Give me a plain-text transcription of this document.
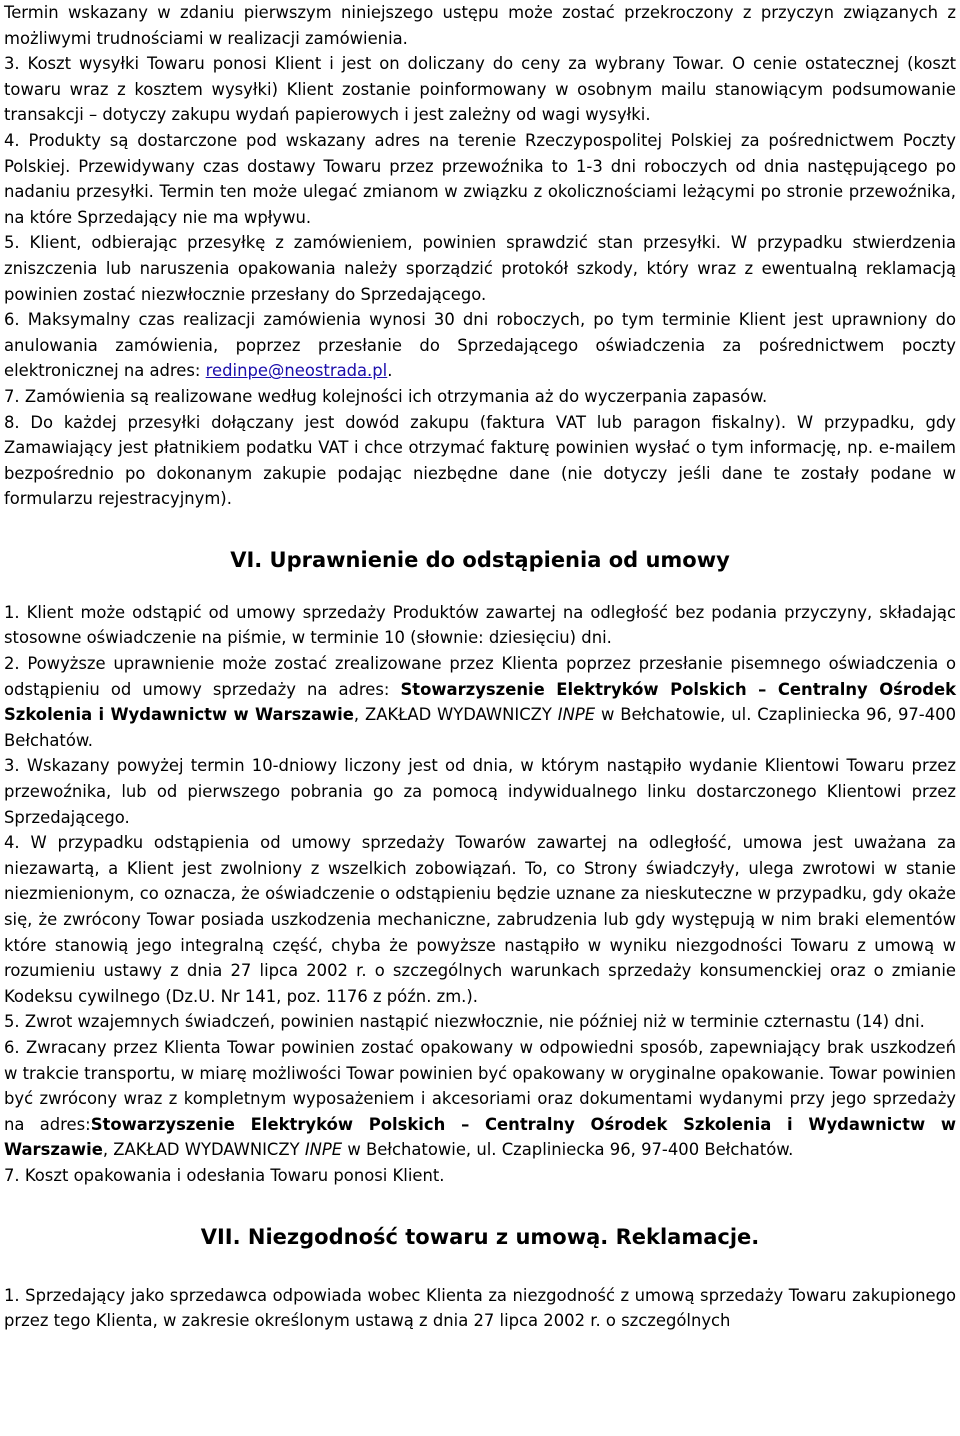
Termin wskazany w zdaniu pierwszym niniejszego ustępu może zostać przekroczony z przyczyn związanych z możliwymi trudnościami w realizacji zamówienia.

3. Koszt wysyłki Towaru ponosi Klient i jest on doliczany do ceny za wybrany Towar. O cenie ostatecznej (koszt towaru wraz z kosztem wysyłki) Klient zostanie poinformowany w osobnym mailu stanowiącym podsumowanie transakcji – dotyczy zakupu wydań papierowych i jest zależny od wagi wysyłki.

4. Produkty są dostarczone pod wskazany adres na terenie Rzeczypospolitej Polskiej za pośrednictwem Poczty Polskiej. Przewidywany czas dostawy Towaru przez przewoźnika to 1-3 dni roboczych od dnia następującego po nadaniu przesyłki. Termin ten może ulegać zmianom w związku z okolicznościami leżącymi po stronie przewoźnika, na które Sprzedający nie ma wpływu.

5. Klient, odbierając przesyłkę z zamówieniem, powinien sprawdzić stan przesyłki. W przypadku stwierdzenia zniszczenia lub naruszenia opakowania należy sporządzić protokół szkody, który wraz z ewentualną reklamacją powinien zostać niezwłocznie przesłany do Sprzedającego.

6. Maksymalny czas realizacji zamówienia wynosi 30 dni roboczych, po tym terminie Klient jest uprawniony do anulowania zamówienia, poprzez przesłanie do Sprzedającego oświadczenia za pośrednictwem poczty elektronicznej na adres: redinpe@neostrada.pl.

7. Zamówienia są realizowane według kolejności ich otrzymania aż do wyczerpania zapasów.

8. Do każdej przesyłki dołączany jest dowód zakupu (faktura VAT lub paragon fiskalny). W przypadku, gdy Zamawiający jest płatnikiem podatku VAT i chce otrzymać fakturę powinien wysłać o tym informację, np. e-mailem bezpośrednio po dokonanym zakupie podając niezbędne dane (nie dotyczy jeśli dane te zostały podane w formularzu rejestracyjnym).

VI. Uprawnienie do odstąpienia od umowy

1. Klient może odstąpić od umowy sprzedaży Produktów zawartej na odległość bez podania przyczyny, składając stosowne oświadczenie na piśmie, w terminie 10 (słownie: dziesięciu) dni.

2. Powyższe uprawnienie może zostać zrealizowane przez Klienta poprzez przesłanie pisemnego oświadczenia o odstąpieniu od umowy sprzedaży na adres: Stowarzyszenie Elektryków Polskich – Centralny Ośrodek Szkolenia i Wydawnictw w Warszawie, ZAKŁAD WYDAWNICZY INPE w Bełchatowie, ul. Czapliniecka 96, 97-400 Bełchatów.

3. Wskazany powyżej termin 10-dniowy liczony jest od dnia, w którym nastąpiło wydanie Klientowi Towaru przez przewoźnika, lub od pierwszego pobrania go za pomocą indywidualnego linku dostarczonego Klientowi przez Sprzedającego.

4. W przypadku odstąpienia od umowy sprzedaży Towarów zawartej na odległość, umowa jest uważana za niezawartą, a Klient jest zwolniony z wszelkich zobowiązań. To, co Strony świadczyły, ulega zwrotowi w stanie niezmienionym, co oznacza, że oświadczenie o odstąpieniu będzie uznane za nieskuteczne w przypadku, gdy okaże się, że zwrócony Towar posiada uszkodzenia mechaniczne, zabrudzenia lub gdy występują w nim braki elementów które stanowią jego integralną część, chyba że powyższe nastąpiło w wyniku niezgodności Towaru z umową w rozumieniu ustawy z dnia 27 lipca 2002 r. o szczególnych warunkach sprzedaży konsumenckiej oraz o zmianie Kodeksu cywilnego (Dz.U. Nr 141, poz. 1176 z późn. zm.).

5. Zwrot wzajemnych świadczeń, powinien nastąpić niezwłocznie, nie później niż w terminie czternastu (14) dni.

6. Zwracany przez Klienta Towar powinien zostać opakowany w odpowiedni sposób, zapewniający brak uszkodzeń w trakcie transportu, w miarę możliwości Towar powinien być opakowany w oryginalne opakowanie. Towar powinien być zwrócony wraz z kompletnym wyposażeniem i akcesoriami oraz dokumentami wydanymi przy jego sprzedaży na adres:Stowarzyszenie Elektryków Polskich – Centralny Ośrodek Szkolenia i Wydawnictw w Warszawie, ZAKŁAD WYDAWNICZY INPE w Bełchatowie, ul. Czapliniecka 96, 97-400 Bełchatów.

7. Koszt opakowania i odesłania Towaru ponosi Klient.

VII. Niezgodność towaru z umową. Reklamacje.

1. Sprzedający jako sprzedawca odpowiada wobec Klienta za niezgodność z umową sprzedaży Towaru zakupionego przez tego Klienta, w zakresie określonym ustawą z dnia 27 lipca 2002 r. o szczególnych
